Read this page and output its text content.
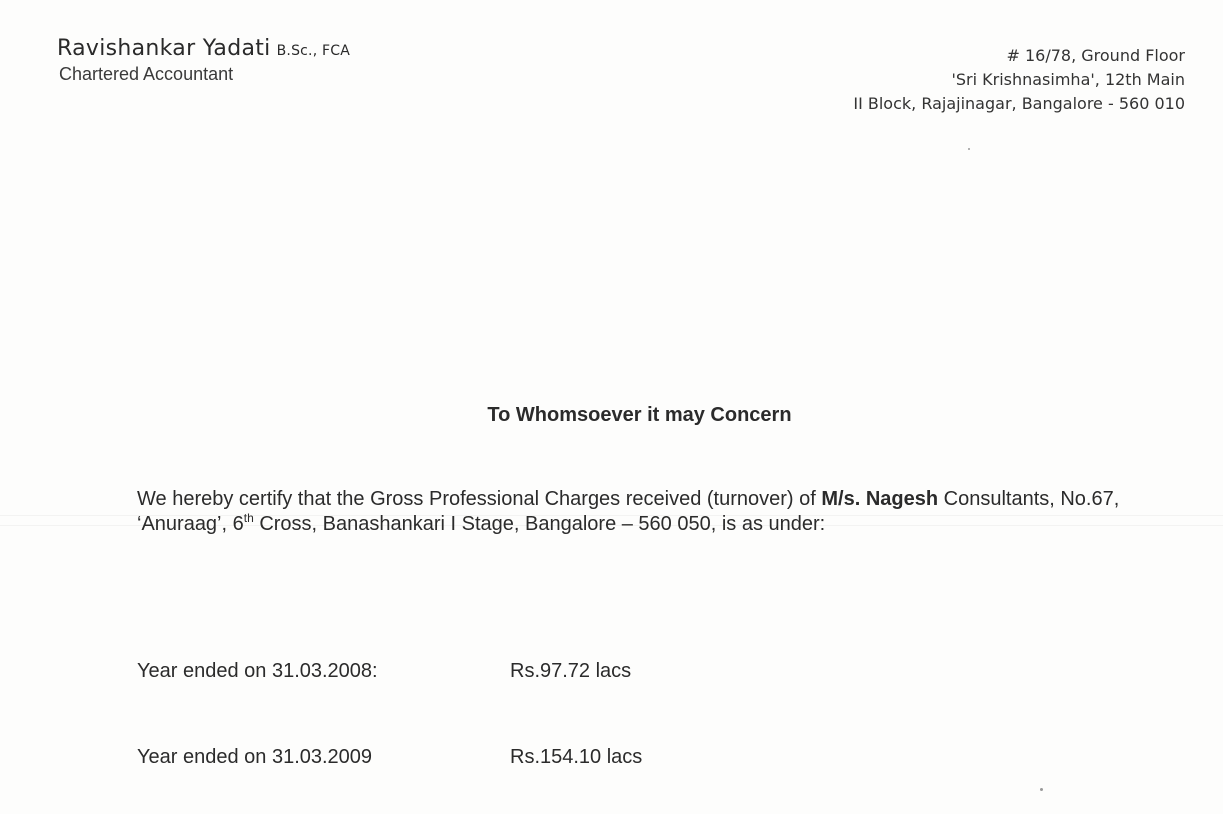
Ravishankar Yadati B.Sc., FCA
Chartered Accountant
# 16/78, Ground Floor
'Sri Krishnasimha', 12th Main
II Block, Rajajinagar, Bangalore - 560 010
To Whomsoever it may Concern
We hereby certify that the Gross Professional Charges received (turnover) of M/s. Nagesh Consultants, No.67, ‘Anuraag’, 6th Cross, Banashankari I Stage, Bangalore – 560 050, is as under:
Year ended on 31.03.2008:	Rs.97.72 lacs
Year ended on 31.03.2009	Rs.154.10 lacs
